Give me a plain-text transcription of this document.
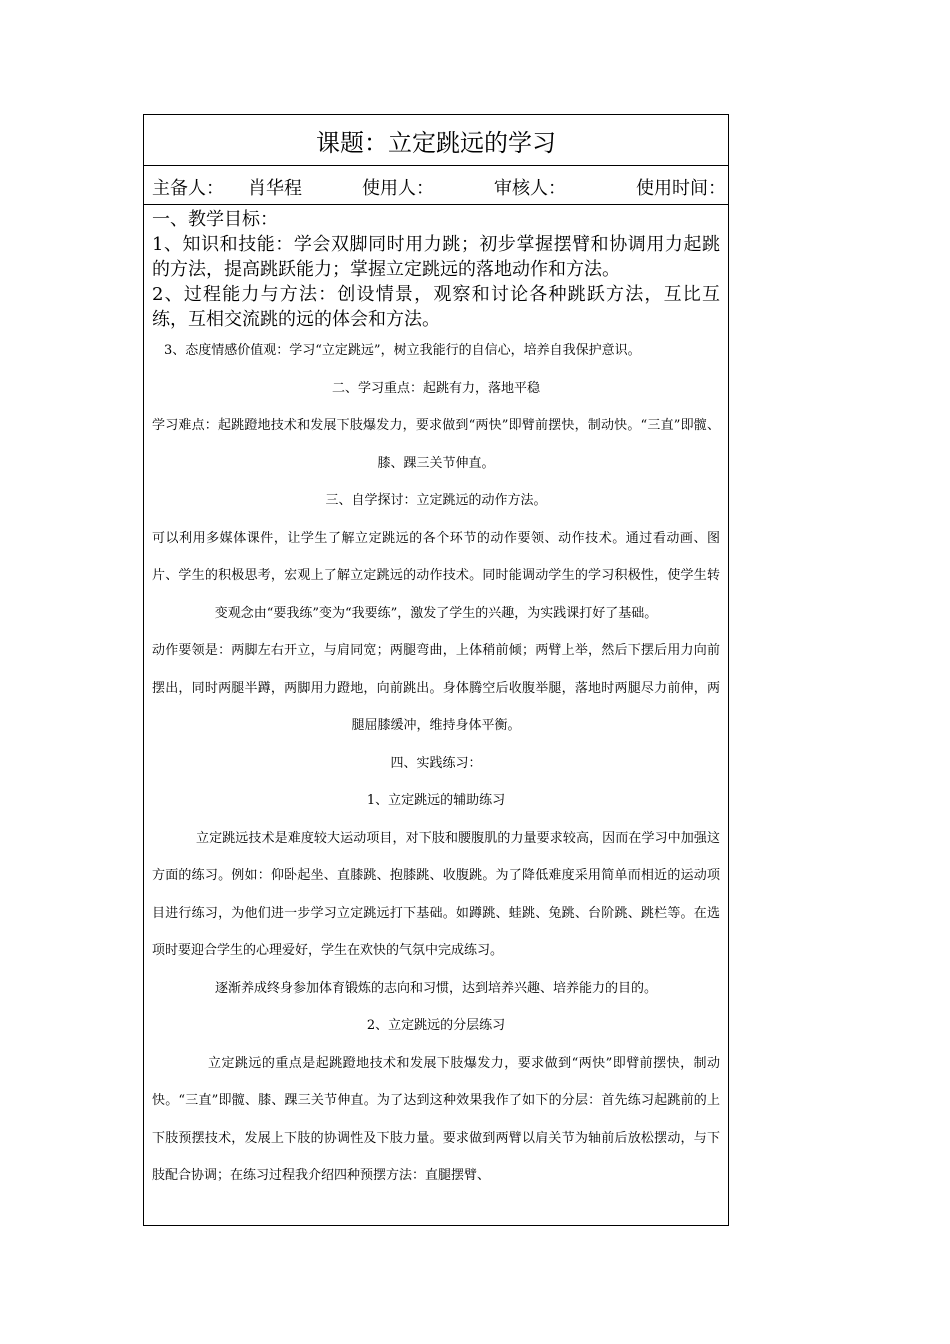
课题：立定跳远的学习
主备人： 肖华程	使用人：	审核人：	使用时间：

一、教学目标：

1、知识和技能：学会双脚同时用力跳；初步掌握摆臂和协调用力起跳的方法，提高跳跃能力；掌握立定跳远的落地动作和方法。

2、过程能力与方法：创设情景，观察和讨论各种跳跃方法，互比互练，互相交流跳的远的体会和方法。

3、态度情感价值观：学习“立定跳远”，树立我能行的自信心，培养自我保护意识。

二、学习重点：起跳有力，落地平稳

学习难点：起跳蹬地技术和发展下肢爆发力，要求做到“两快”即臂前摆快，制动快。“三直”即髋、膝、踝三关节伸直。

三、自学探讨：立定跳远的动作方法。

可以利用多媒体课件，让学生了解立定跳远的各个环节的动作要领、动作技术。通过看动画、图片、学生的积极思考，宏观上了解立定跳远的动作技术。同时能调动学生的学习积极性，使学生转变观念由“要我练”变为“我要练”，激发了学生的兴趣，为实践课打好了基础。

动作要领是：两脚左右开立，与肩同宽；两腿弯曲，上体稍前倾；两臂上举，然后下摆后用力向前摆出，同时两腿半蹲，两脚用力蹬地，向前跳出。身体腾空后收腹举腿，落地时两腿尽力前伸，两腿屈膝缓冲，维持身体平衡。

四、实践练习：

1、立定跳远的辅助练习

立定跳远技术是难度较大运动项目，对下肢和腰腹肌的力量要求较高，因而在学习中加强这方面的练习。例如：仰卧起坐、直膝跳、抱膝跳、收腹跳。为了降低难度采用简单而相近的运动项目进行练习，为他们进一步学习立定跳远打下基础。如蹲跳、蛙跳、兔跳、台阶跳、跳栏等。在选项时要迎合学生的心理爱好，学生在欢快的气氛中完成练习。

逐渐养成终身参加体育锻炼的志向和习惯，达到培养兴趣、培养能力的目的。

2、立定跳远的分层练习

立定跳远的重点是起跳蹬地技术和发展下肢爆发力，要求做到“两快”即臂前摆快，制动快。“三直”即髋、膝、踝三关节伸直。为了达到这种效果我作了如下的分层：首先练习起跳前的上下肢预摆技术，发展上下肢的协调性及下肢力量。要求做到两臂以肩关节为轴前后放松摆动，与下肢配合协调；在练习过程我介绍四种预摆方法：直腿摆臂、
